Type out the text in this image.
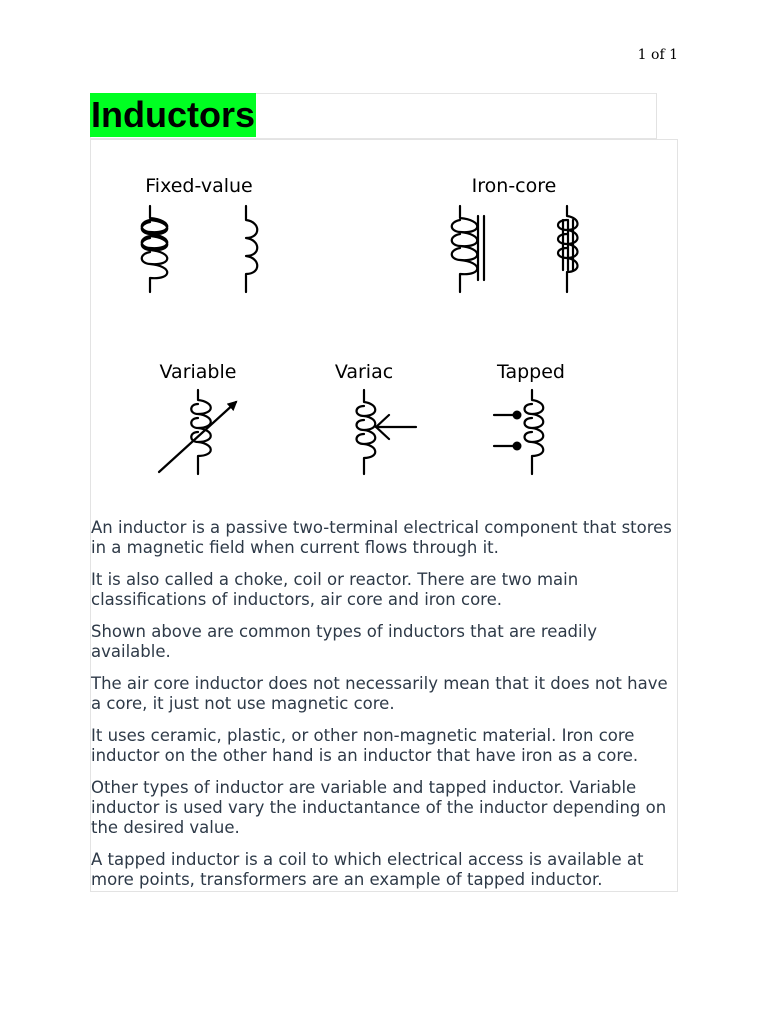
1 of 1
Inductors
Fixed-value	Iron-core
Variable	Variac	Tapped

An inductor is a passive two-terminal electrical component that stores in a magnetic field when current flows through it.

It is also called a choke, coil or reactor. There are two main classifications of inductors, air core and iron core.

Shown above are common types of inductors that are readily available.

The air core inductor does not necessarily mean that it does not have a core, it just not use magnetic core.

It uses ceramic, plastic, or other non-magnetic material. Iron core inductor on the other hand is an inductor that have iron as a core.

Other types of inductor are variable and tapped inductor. Variable inductor is used vary the inductantance of the inductor depending on the desired value.

A tapped inductor is a coil to which electrical access is available at more points, transformers are an example of tapped inductor.
